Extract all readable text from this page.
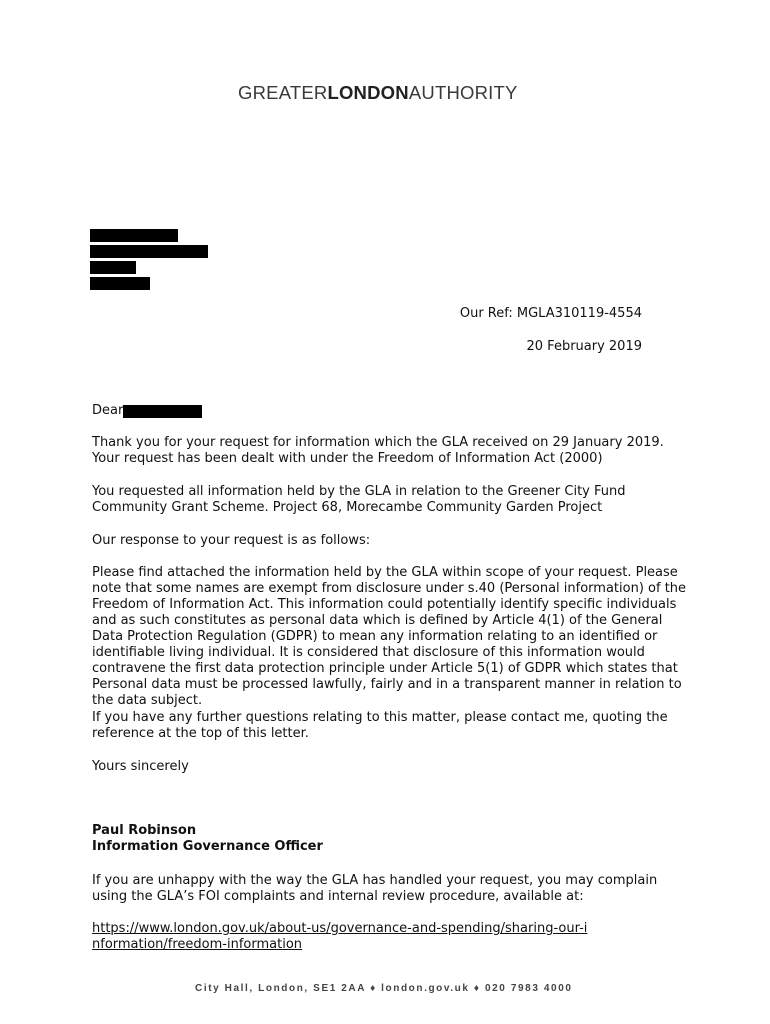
GREATERLONDONAUTHORITY
Our Ref: MGLA310119-4554
20 February 2019
Dear
Thank you for your request for information which the GLA received on 29 January 2019. Your request has been dealt with under the Freedom of Information Act (2000)
You requested all information held by the GLA in relation to the Greener City Fund Community Grant Scheme. Project 68, Morecambe Community Garden Project
Our response to your request is as follows:
Please find attached the information held by the GLA within scope of your request. Please note that some names are exempt from disclosure under s.40 (Personal information) of the Freedom of Information Act. This information could potentially identify specific individuals and as such constitutes as personal data which is defined by Article 4(1) of the General Data Protection Regulation (GDPR) to mean any information relating to an identified or identifiable living individual. It is considered that disclosure of this information would contravene the first data protection principle under Article 5(1) of GDPR which states that Personal data must be processed lawfully, fairly and in a transparent manner in relation to the data subject.
If you have any further questions relating to this matter, please contact me, quoting the reference at the top of this letter.
Yours sincerely
Paul Robinson
Information Governance Officer
If you are unhappy with the way the GLA has handled your request, you may complain using the GLA’s FOI complaints and internal review procedure, available at:
https://www.london.gov.uk/about-us/governance-and-spending/sharing-our-information/freedom-information
City Hall, London, SE1 2AA ♦ london.gov.uk ♦ 020 7983 4000
